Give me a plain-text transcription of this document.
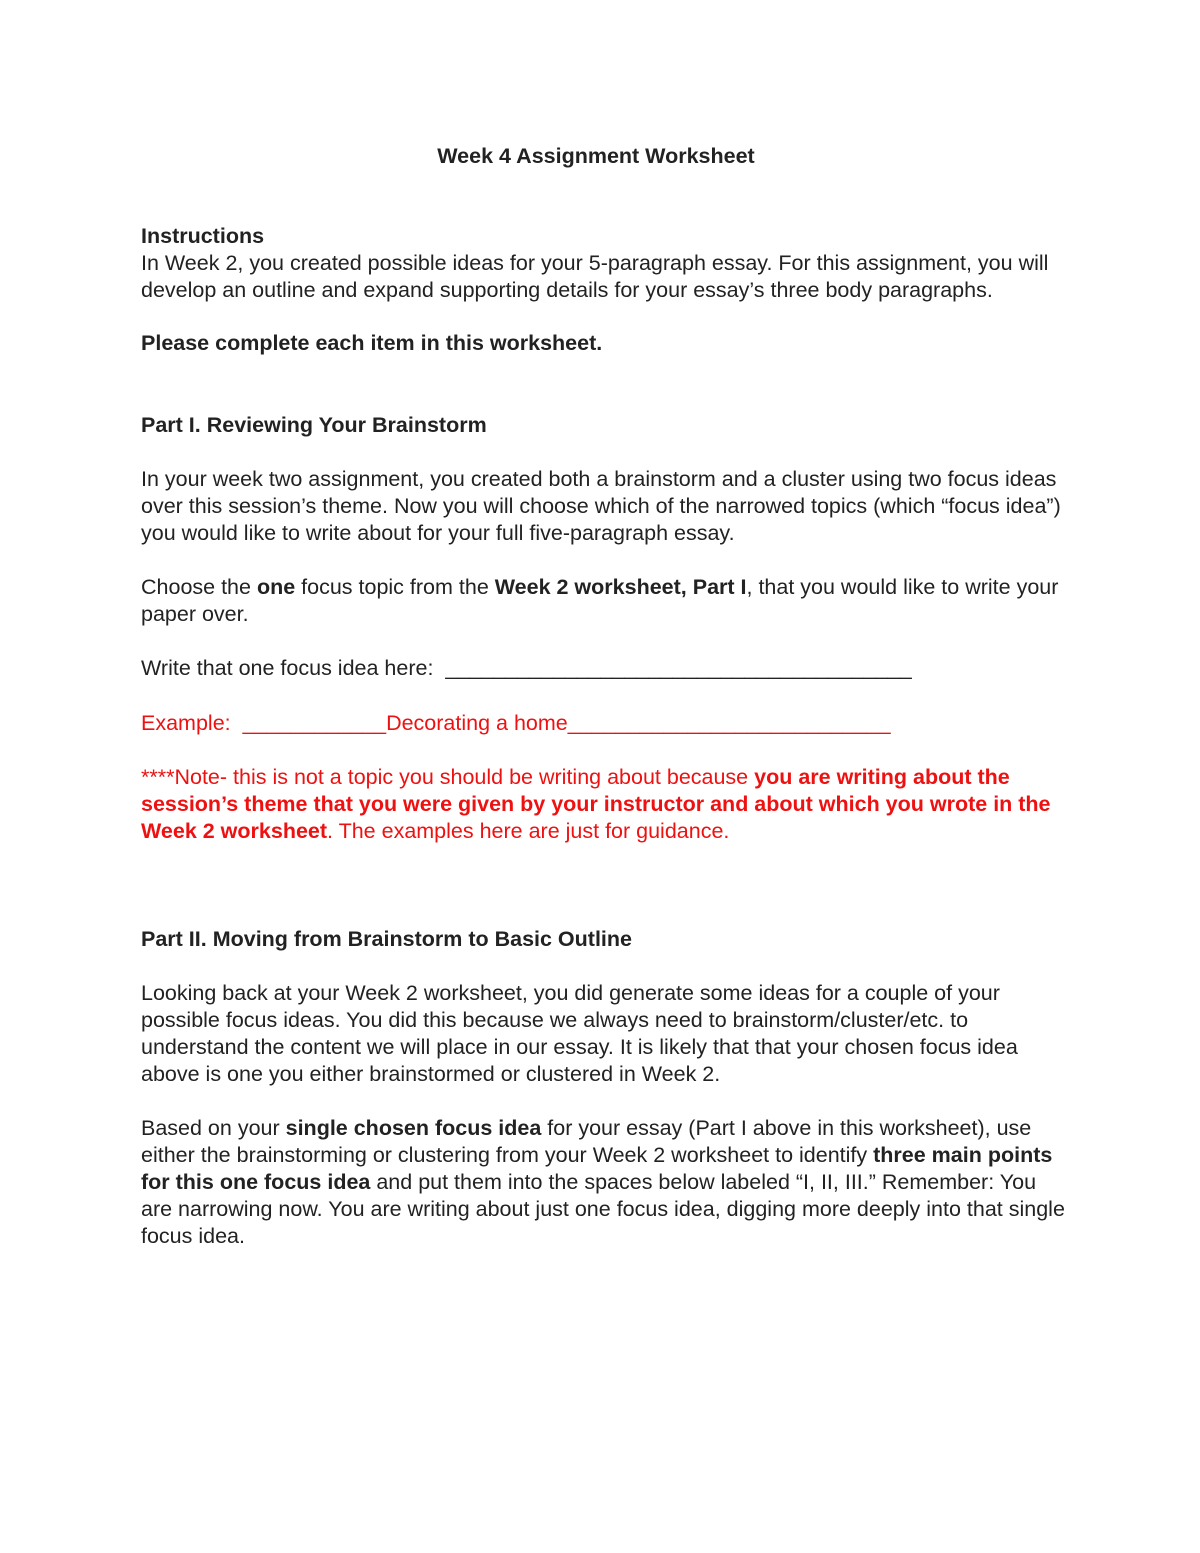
Week 4 Assignment Worksheet

Instructions

In Week 2, you created possible ideas for your 5-paragraph essay. For this assignment, you will develop an outline and expand supporting details for your essay’s three body paragraphs.

Please complete each item in this worksheet.

Part I. Reviewing Your Brainstorm

In your week two assignment, you created both a brainstorm and a cluster using two focus ideas over this session’s theme. Now you will choose which of the narrowed topics (which “focus idea”) you would like to write about for your full five-paragraph essay.

Choose the one focus topic from the Week 2 worksheet, Part I, that you would like to write your paper over.

Write that one focus idea here:  _______________________________________

Example:  ____________Decorating a home___________________________

****Note- this is not a topic you should be writing about because you are writing about the session’s theme that you were given by your instructor and about which you wrote in the Week 2 worksheet. The examples here are just for guidance.

Part II. Moving from Brainstorm to Basic Outline

Looking back at your Week 2 worksheet, you did generate some ideas for a couple of your possible focus ideas. You did this because we always need to brainstorm/cluster/etc. to understand the content we will place in our essay. It is likely that that your chosen focus idea above is one you either brainstormed or clustered in Week 2.

Based on your single chosen focus idea for your essay (Part I above in this worksheet), use either the brainstorming or clustering from your Week 2 worksheet to identify three main points for this one focus idea and put them into the spaces below labeled “I, II, III.” Remember: You are narrowing now. You are writing about just one focus idea, digging more deeply into that single focus idea.
